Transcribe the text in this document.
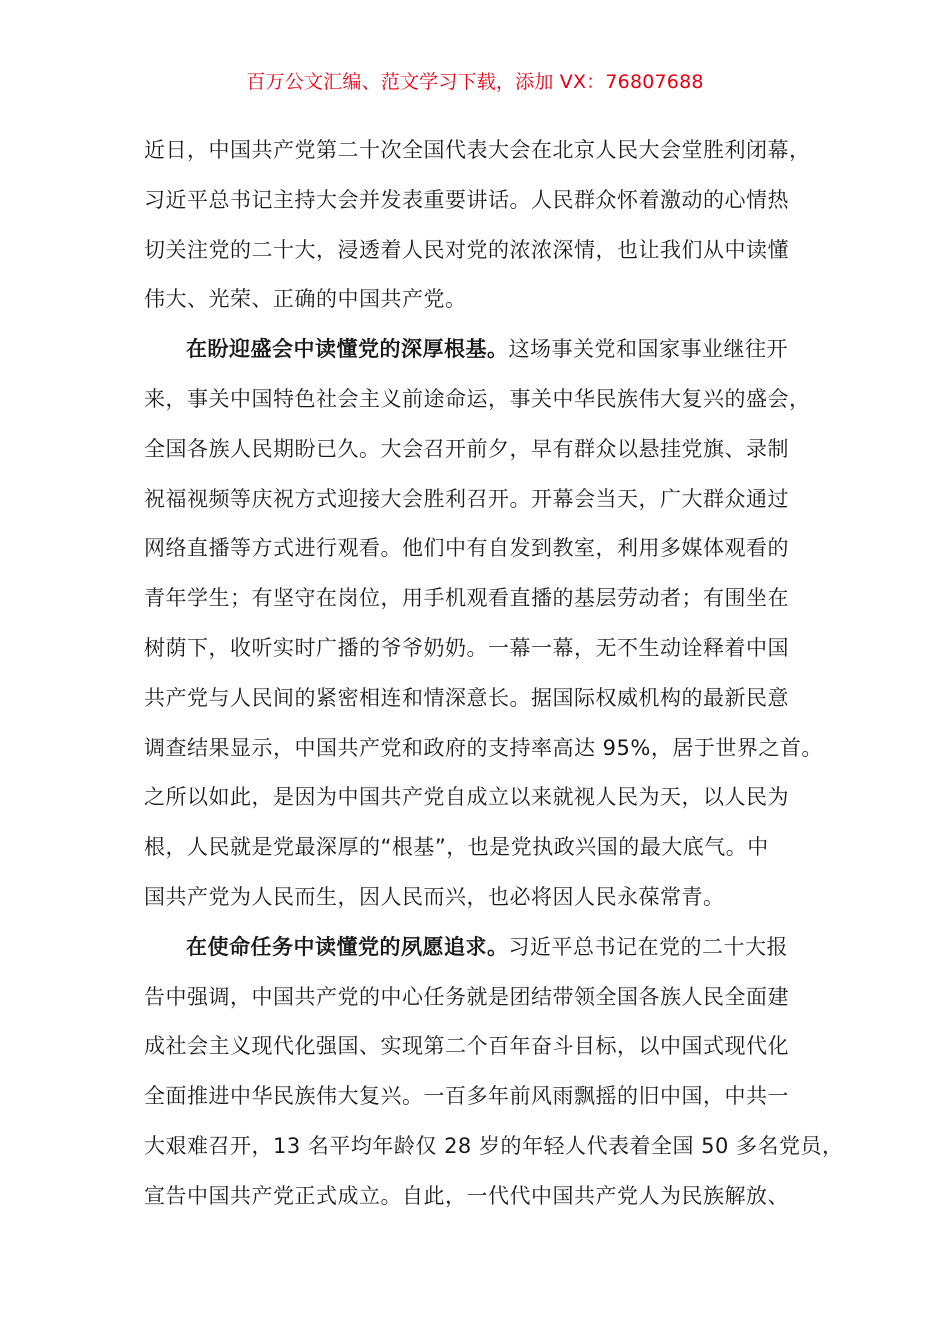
百万公文汇编、范文学习下载，添加 VX：76807688
近日，中国共产党第二十次全国代表大会在北京人民大会堂胜利闭幕，
习近平总书记主持大会并发表重要讲话。人民群众怀着激动的心情热
切关注党的二十大，浸透着人民对党的浓浓深情，也让我们从中读懂
伟大、光荣、正确的中国共产党。
在盼迎盛会中读懂党的深厚根基。这场事关党和国家事业继往开
来，事关中国特色社会主义前途命运，事关中华民族伟大复兴的盛会，
全国各族人民期盼已久。大会召开前夕，早有群众以悬挂党旗、录制
祝福视频等庆祝方式迎接大会胜利召开。开幕会当天，广大群众通过
网络直播等方式进行观看。他们中有自发到教室，利用多媒体观看的
青年学生；有坚守在岗位，用手机观看直播的基层劳动者；有围坐在
树荫下，收听实时广播的爷爷奶奶。一幕一幕，无不生动诠释着中国
共产党与人民间的紧密相连和情深意长。据国际权威机构的最新民意
调查结果显示，中国共产党和政府的支持率高达 95%，居于世界之首。
之所以如此，是因为中国共产党自成立以来就视人民为天，以人民为
根，人民就是党最深厚的“根基”，也是党执政兴国的最大底气。中
国共产党为人民而生，因人民而兴，也必将因人民永葆常青。
在使命任务中读懂党的夙愿追求。习近平总书记在党的二十大报
告中强调，中国共产党的中心任务就是团结带领全国各族人民全面建
成社会主义现代化强国、实现第二个百年奋斗目标，以中国式现代化
全面推进中华民族伟大复兴。一百多年前风雨飘摇的旧中国，中共一
大艰难召开，13 名平均年龄仅 28 岁的年轻人代表着全国 50 多名党员，
宣告中国共产党正式成立。自此，一代代中国共产党人为民族解放、
